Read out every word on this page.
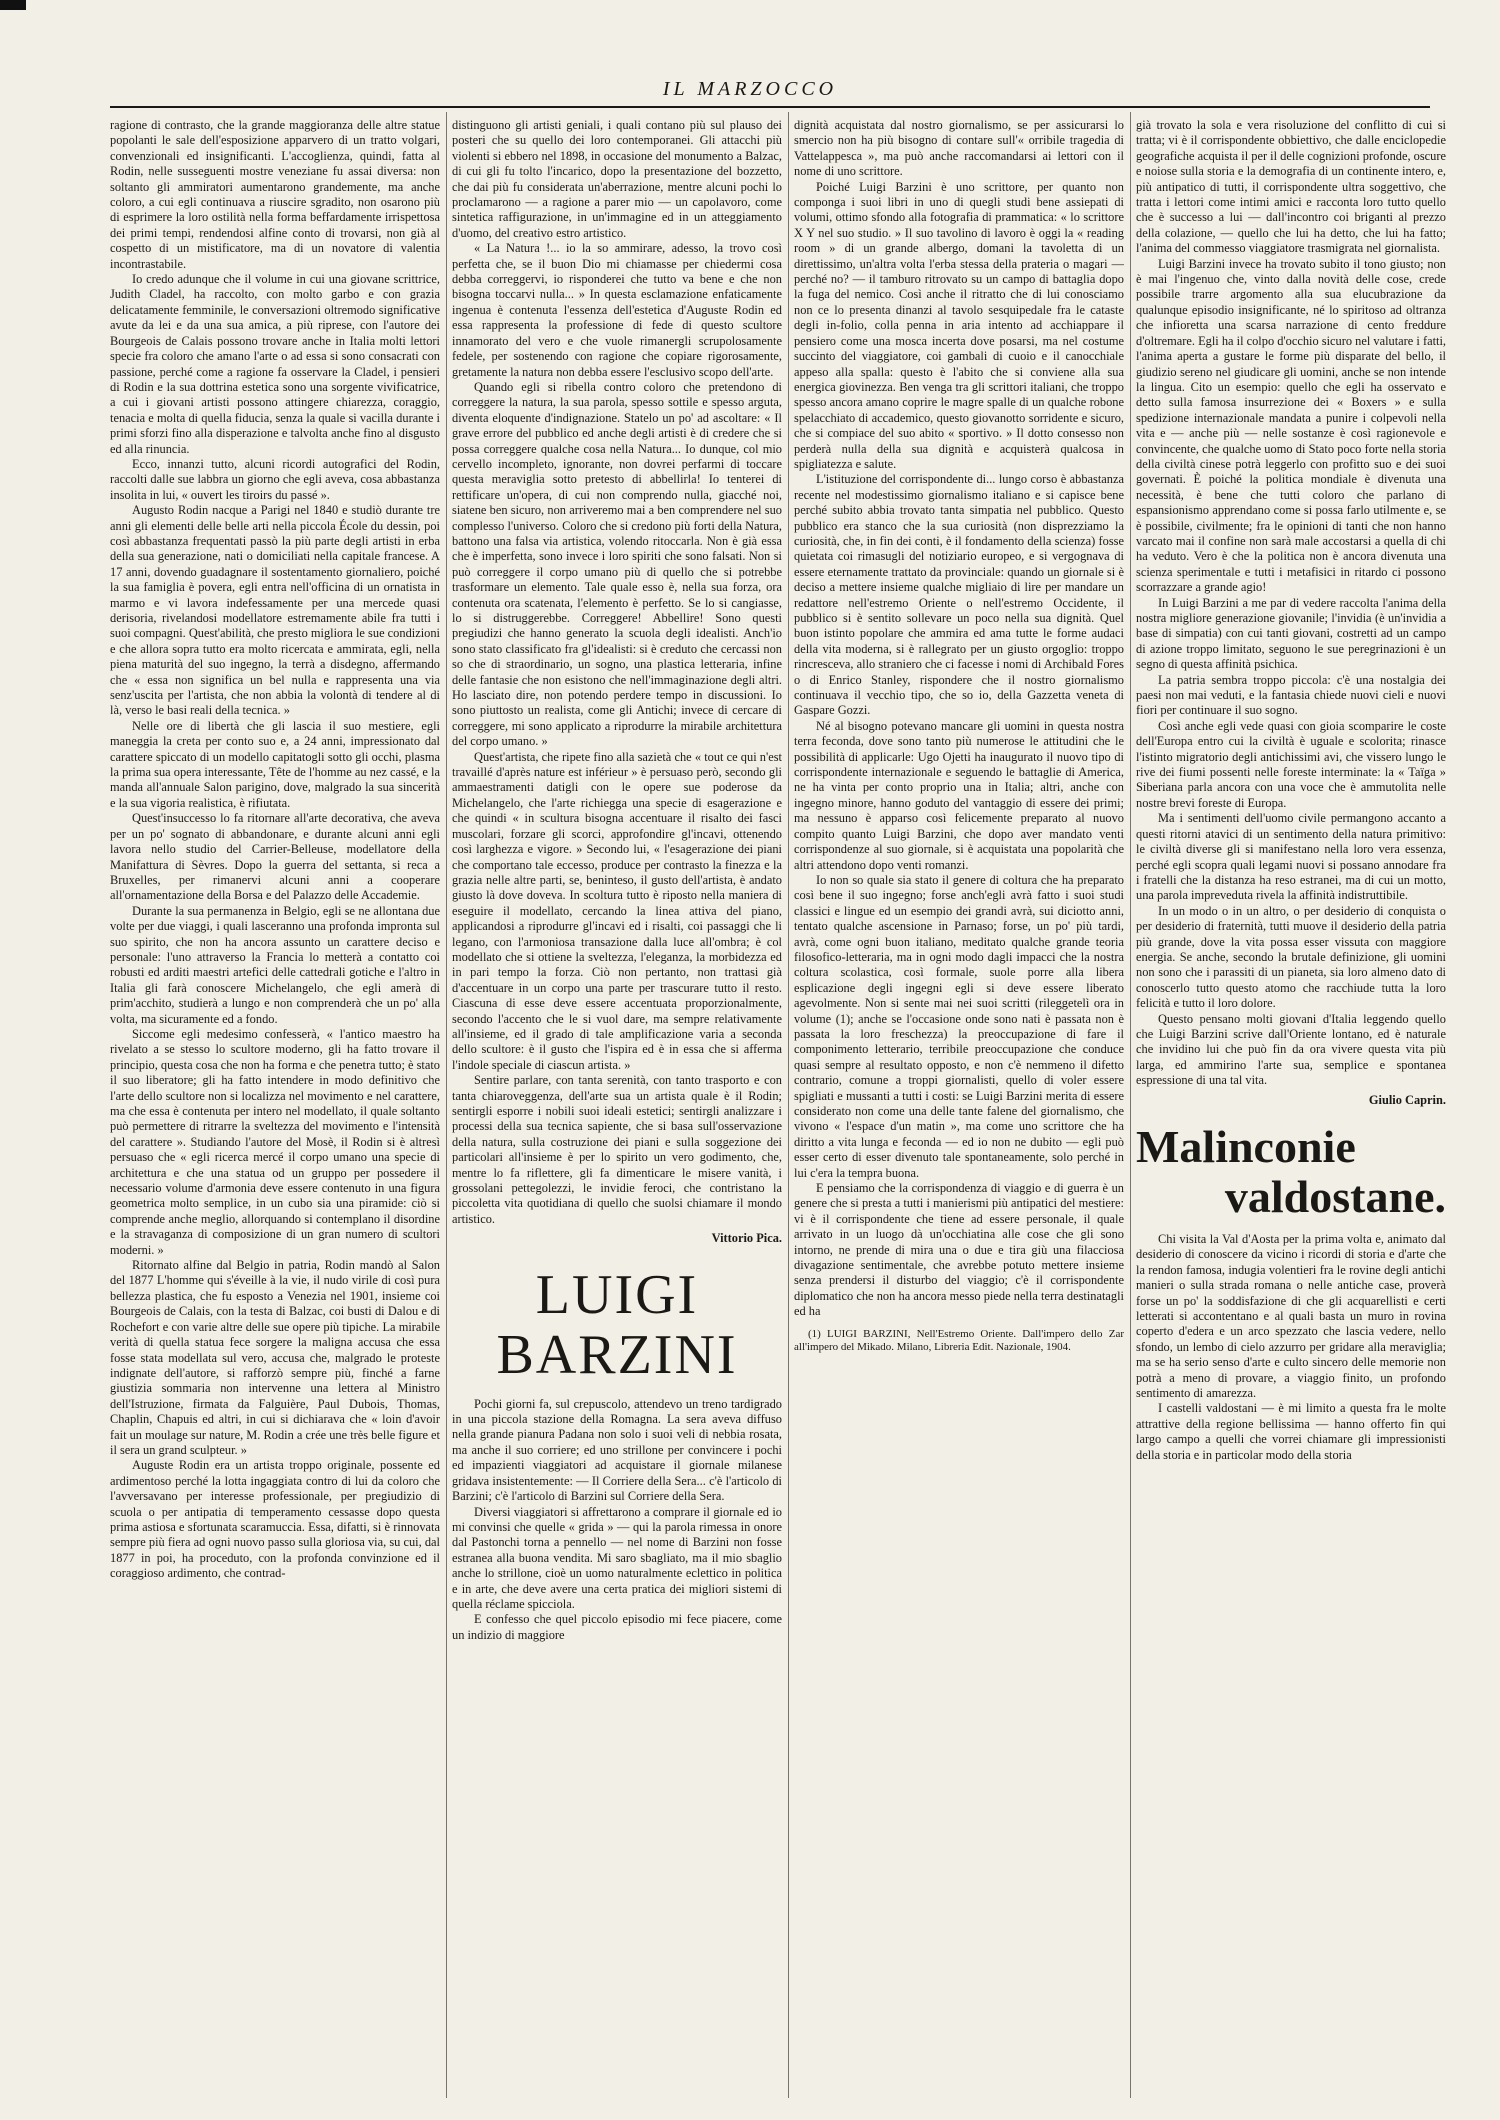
IL MARZOCCO

ragione di contrasto, che la grande maggioranza delle altre statue popolanti le sale dell'esposizione apparvero di un tratto volgari, convenzionali ed insignificanti. L'accoglienza, quindi, fatta al Rodin, nelle susseguenti mostre veneziane fu assai diversa: non soltanto gli ammiratori aumentarono grandemente, ma anche coloro, a cui egli continuava a riuscire sgradito, non osarono più di esprimere la loro ostilità nella forma beffardamente irrispettosa dei primi tempi, rendendosi alfine conto di trovarsi, non già al cospetto di un mistificatore, ma di un novatore di valentia incontrastabile.

Io credo adunque che il volume in cui una giovane scrittrice, Judith Cladel, ha raccolto, con molto garbo e con grazia delicatamente femminile, le conversazioni oltremodo significative avute da lei e da una sua amica, a più riprese, con l'autore dei Bourgeois de Calais possono trovare anche in Italia molti lettori specie fra coloro che amano l'arte o ad essa si sono consacrati con passione, perché come a ragione fa osservare la Cladel, i pensieri di Rodin e la sua dottrina estetica sono una sorgente vivificatrice, a cui i giovani artisti possono attingere chiarezza, coraggio, tenacia e molta di quella fiducia, senza la quale si vacilla durante i primi sforzi fino alla disperazione e talvolta anche fino al disgusto ed alla rinuncia.

Ecco, innanzi tutto, alcuni ricordi autografici del Rodin, raccolti dalle sue labbra un giorno che egli aveva, cosa abbastanza insolita in lui, « ouvert les tiroirs du passé ».

Augusto Rodin nacque a Parigi nel 1840 e studiò durante tre anni gli elementi delle belle arti nella piccola École du dessin, poi così abbastanza frequentati passò la più parte degli artisti in erba della sua generazione, nati o domiciliati nella capitale francese. A 17 anni, dovendo guadagnare il sostentamento giornaliero, poiché la sua famiglia è povera, egli entra nell'officina di un ornatista in marmo e vi lavora indefessamente per una mercede quasi derisoria, rivelandosi modellatore estremamente abile fra tutti i suoi compagni. Quest'abilità, che presto migliora le sue condizioni e che allora sopra tutto era molto ricercata e ammirata, egli, nella piena maturità del suo ingegno, la terrà a disdegno, affermando che « essa non significa un bel nulla e rappresenta una via senz'uscita per l'artista, che non abbia la volontà di tendere al di là, verso le basi reali della tecnica. »

Nelle ore di libertà che gli lascia il suo mestiere, egli maneggia la creta per conto suo e, a 24 anni, impressionato dal carattere spiccato di un modello capitatogli sotto gli occhi, plasma la prima sua opera interessante, Tête de l'homme au nez cassé, e la manda all'annuale Salon parigino, dove, malgrado la sua sincerità e la sua vigoria realistica, è rifiutata.

Quest'insuccesso lo fa ritornare all'arte decorativa, che aveva per un po' sognato di abbandonare, e durante alcuni anni egli lavora nello studio del Carrier-Belleuse, modellatore della Manifattura di Sèvres. Dopo la guerra del settanta, si reca a Bruxelles, per rimanervi alcuni anni a cooperare all'ornamentazione della Borsa e del Palazzo delle Accademie.

Durante la sua permanenza in Belgio, egli se ne allontana due volte per due viaggi, i quali lasceranno una profonda impronta sul suo spirito, che non ha ancora assunto un carattere deciso e personale: l'uno attraverso la Francia lo metterà a contatto coi robusti ed arditi maestri artefici delle cattedrali gotiche e l'altro in Italia gli farà conoscere Michelangelo, che egli amerà di prim'acchito, studierà a lungo e non comprenderà che un po' alla volta, ma sicuramente ed a fondo.

Siccome egli medesimo confesserà, « l'antico maestro ha rivelato a se stesso lo scultore moderno, gli ha fatto trovare il principio, questa cosa che non ha forma e che penetra tutto; è stato il suo liberatore; gli ha fatto intendere in modo definitivo che l'arte dello scultore non si localizza nel movimento e nel carattere, ma che essa è contenuta per intero nel modellato, il quale soltanto può permettere di ritrarre la sveltezza del movimento e l'intensità del carattere ». Studiando l'autore del Mosè, il Rodin si è altresì persuaso che « egli ricerca mercé il corpo umano una specie di architettura e che una statua od un gruppo per possedere il necessario volume d'armonia deve essere contenuto in una figura geometrica molto semplice, in un cubo sia una piramide: ciò si comprende anche meglio, allorquando si contemplano il disordine e la stravaganza di composizione di un gran numero di scultori moderni. »

Ritornato alfine dal Belgio in patria, Rodin mandò al Salon del 1877 L'homme qui s'éveille à la vie, il nudo virile di così pura bellezza plastica, che fu esposto a Venezia nel 1901, insieme coi Bourgeois de Calais, con la testa di Balzac, coi busti di Dalou e di Rochefort e con varie altre delle sue opere più tipiche. La mirabile verità di quella statua fece sorgere la maligna accusa che essa fosse stata modellata sul vero, accusa che, malgrado le proteste indignate dell'autore, si rafforzò sempre più, finché a farne giustizia sommaria non intervenne una lettera al Ministro dell'Istruzione, firmata da Falguière, Paul Dubois, Thomas, Chaplin, Chapuis ed altri, in cui si dichiarava che « loin d'avoir fait un moulage sur nature, M. Rodin a crée une très belle figure et il sera un grand sculpteur. »

Auguste Rodin era un artista troppo originale, possente ed ardimentoso perché la lotta ingaggiata contro di lui da coloro che l'avversavano per interesse professionale, per pregiudizio di scuola o per antipatia di temperamento cessasse dopo questa prima astiosa e sfortunata scaramuccia. Essa, difatti, si è rinnovata sempre più fiera ad ogni nuovo passo sulla gloriosa via, su cui, dal 1877 in poi, ha proceduto, con la profonda convinzione ed il coraggioso ardimento, che contrad-

distinguono gli artisti geniali, i quali contano più sul plauso dei posteri che su quello dei loro contemporanei. Gli attacchi più violenti si ebbero nel 1898, in occasione del monumento a Balzac, di cui gli fu tolto l'incarico, dopo la presentazione del bozzetto, che dai più fu considerata un'aberrazione, mentre alcuni pochi lo proclamarono — a ragione a parer mio — un capolavoro, come sintetica raffigurazione, in un'immagine ed in un atteggiamento d'uomo, del creativo estro artistico.

« La Natura !... io la so ammirare, adesso, la trovo così perfetta che, se il buon Dio mi chiamasse per chiedermi cosa debba correggervi, io risponderei che tutto va bene e che non bisogna toccarvi nulla... » In questa esclamazione enfaticamente ingenua è contenuta l'essenza dell'estetica d'Auguste Rodin ed essa rappresenta la professione di fede di questo scultore innamorato del vero e che vuole rimanergli scrupolosamente fedele, per sostenendo con ragione che copiare rigorosamente, gretamente la natura non debba essere l'esclusivo scopo dell'arte.

Quando egli si ribella contro coloro che pretendono di correggere la natura, la sua parola, spesso sottile e spesso arguta, diventa eloquente d'indignazione. Statelo un po' ad ascoltare: « Il grave errore del pubblico ed anche degli artisti è di credere che si possa correggere qualche cosa nella Natura... Io dunque, col mio cervello incompleto, ignorante, non dovrei perfarmi di toccare questa meraviglia sotto pretesto di abbellirla! Io tenterei di rettificare un'opera, di cui non comprendo nulla, giacché noi, siatene ben sicuro, non arriveremo mai a ben comprendere nel suo complesso l'universo. Coloro che si credono più forti della Natura, battono una falsa via artistica, volendo ritoccarla. Non è già essa che è imperfetta, sono invece i loro spiriti che sono falsati. Non si può correggere il corpo umano più di quello che si potrebbe trasformare un elemento. Tale quale esso è, nella sua forza, ora contenuta ora scatenata, l'elemento è perfetto. Se lo si cangiasse, lo si distruggerebbe. Correggere! Abbellire! Sono questi pregiudizi che hanno generato la scuola degli idealisti. Anch'io sono stato classificato fra gl'idealisti: si è creduto che cercassi non so che di straordinario, un sogno, una plastica letteraria, infine delle fantasie che non esistono che nell'immaginazione degli altri. Ho lasciato dire, non potendo perdere tempo in discussioni. Io sono piuttosto un realista, come gli Antichi; invece di cercare di correggere, mi sono applicato a riprodurre la mirabile architettura del corpo umano. »

Quest'artista, che ripete fino alla sazietà che « tout ce qui n'est travaillé d'après nature est inférieur » è persuaso però, secondo gli ammaestramenti datigli con le opere sue poderose da Michelangelo, che l'arte richiegga una specie di esagerazione e che quindi « in scultura bisogna accentuare il risalto dei fasci muscolari, forzare gli scorci, approfondire gl'incavi, ottenendo così larghezza e vigore. » Secondo lui, « l'esagerazione dei piani che comportano tale eccesso, produce per contrasto la finezza e la grazia nelle altre parti, se, beninteso, il gusto dell'artista, è andato giusto là dove doveva. In scoltura tutto è riposto nella maniera di eseguire il modellato, cercando la linea attiva del piano, applicandosi a riprodurre gl'incavi ed i risalti, coi passaggi che li legano, con l'armoniosa transazione dalla luce all'ombra; è col modellato che si ottiene la sveltezza, l'eleganza, la morbidezza ed in pari tempo la forza. Ciò non pertanto, non trattasi già d'accentuare in un corpo una parte per trascurare tutto il resto. Ciascuna di esse deve essere accentuata proporzionalmente, secondo l'accento che le si vuol dare, ma sempre relativamente all'insieme, ed il grado di tale amplificazione varia a seconda dello scultore: è il gusto che l'ispira ed è in essa che si afferma l'indole speciale di ciascun artista. »

Sentire parlare, con tanta serenità, con tanto trasporto e con tanta chiaroveggenza, dell'arte sua un artista quale è il Rodin; sentirgli esporre i nobili suoi ideali estetici; sentirgli analizzare i processi della sua tecnica sapiente, che si basa sull'osservazione della natura, sulla costruzione dei piani e sulla soggezione dei particolari all'insieme è per lo spirito un vero godimento, che, mentre lo fa riflettere, gli fa dimenticare le misere vanità, i grossolani pettegolezzi, le invidie feroci, che contristano la piccoletta vita quotidiana di quello che suolsi chiamare il mondo artistico.

Vittorio Pica.
LUIGI BARZINI

Pochi giorni fa, sul crepuscolo, attendevo un treno tardigrado in una piccola stazione della Romagna. La sera aveva diffuso nella grande pianura Padana non solo i suoi veli di nebbia rosata, ma anche il suo corriere; ed uno strillone per convincere i pochi ed impazienti viaggiatori ad acquistare il giornale milanese gridava insistentemente: — Il Corriere della Sera... c'è l'articolo di Barzini; c'è l'articolo di Barzini sul Corriere della Sera.

Diversi viaggiatori si affrettarono a comprare il giornale ed io mi convinsi che quelle « grida » — qui la parola rimessa in onore dal Pastonchi torna a pennello — nel nome di Barzini non fosse estranea alla buona vendita. Mi saro sbagliato, ma il mio sbaglio anche lo strillone, cioè un uomo naturalmente eclettico in politica e in arte, che deve avere una certa pratica dei migliori sistemi di quella réclame spicciola.

E confesso che quel piccolo episodio mi fece piacere, come un indizio di maggiore

dignità acquistata dal nostro giornalismo, se per assicurarsi lo smercio non ha più bisogno di contare sull'« orribile tragedia di Vattelappesca », ma può anche raccomandarsi ai lettori con il nome di uno scrittore.

Poiché Luigi Barzini è uno scrittore, per quanto non componga i suoi libri in uno di quegli studi bene assiepati di volumi, ottimo sfondo alla fotografia di prammatica: « lo scrittore X Y nel suo studio. » Il suo tavolino di lavoro è oggi la « reading room » di un grande albergo, domani la tavoletta di un direttissimo, un'altra volta l'erba stessa della prateria o magari — perché no? — il tamburo ritrovato su un campo di battaglia dopo la fuga del nemico. Così anche il ritratto che di lui conosciamo non ce lo presenta dinanzi al tavolo sesquipedale fra le cataste degli in-folio, colla penna in aria intento ad acchiappare il pensiero come una mosca incerta dove posarsi, ma nel costume succinto del viaggiatore, coi gambali di cuoio e il canocchiale appeso alla spalla: questo è l'abito che si conviene alla sua energica giovinezza. Ben venga tra gli scrittori italiani, che troppo spesso ancora amano coprire le magre spalle di un qualche robone spelacchiato di accademico, questo giovanotto sorridente e sicuro, che si compiace del suo abito « sportivo. » Il dotto consesso non perderà nulla della sua dignità e acquisterà qualcosa in spigliatezza e salute.

L'istituzione del corrispondente di... lungo corso è abbastanza recente nel modestissimo giornalismo italiano e si capisce bene perché subito abbia trovato tanta simpatia nel pubblico. Questo pubblico era stanco che la sua curiosità (non disprezziamo la curiosità, che, in fin dei conti, è il fondamento della scienza) fosse quietata coi rimasugli del notiziario europeo, e si vergognava di essere eternamente trattato da provinciale: quando un giornale si è deciso a mettere insieme qualche migliaio di lire per mandare un redattore nell'estremo Oriente o nell'estremo Occidente, il pubblico si è sentito sollevare un poco nella sua dignità. Quel buon istinto popolare che ammira ed ama tutte le forme audaci della vita moderna, si è rallegrato per un giusto orgoglio: troppo rincresceva, allo straniero che ci facesse i nomi di Archibald Fores o di Enrico Stanley, rispondere che il nostro giornalismo continuava il vecchio tipo, che so io, della Gazzetta veneta di Gaspare Gozzi.

Né al bisogno potevano mancare gli uomini in questa nostra terra feconda, dove sono tanto più numerose le attitudini che le possibilità di applicarle: Ugo Ojetti ha inaugurato il nuovo tipo di corrispondente internazionale e seguendo le battaglie di America, ne ha vinta per conto proprio una in Italia; altri, anche con ingegno minore, hanno goduto del vantaggio di essere dei primi; ma nessuno è apparso così felicemente preparato al nuovo compito quanto Luigi Barzini, che dopo aver mandato venti corrispondenze al suo giornale, si è acquistata una popolarità che altri attendono dopo venti romanzi.

Io non so quale sia stato il genere di coltura che ha preparato così bene il suo ingegno; forse anch'egli avrà fatto i suoi studi classici e lingue ed un esempio dei grandi avrà, sui diciotto anni, tentato qualche ascensione in Parnaso; forse, un po' più tardi, avrà, come ogni buon italiano, meditato qualche grande teoria filosofico-letteraria, ma in ogni modo dagli impacci che la nostra coltura scolastica, così formale, suole porre alla libera esplicazione degli ingegni egli si deve essere liberato agevolmente. Non si sente mai nei suoi scritti (rileggetelì ora in volume (1); anche se l'occasione onde sono nati è passata non è passata la loro freschezza) la preoccupazione di fare il componimento letterario, terribile preoccupazione che conduce quasi sempre al resultato opposto, e non c'è nemmeno il difetto contrario, comune a troppi giornalisti, quello di voler essere spigliati e mussanti a tutti i costi: se Luigi Barzini merita di essere considerato non come una delle tante falene del giornalismo, che vivono « l'espace d'un matin », ma come uno scrittore che ha diritto a vita lunga e feconda — ed io non ne dubito — egli può esser certo di esser divenuto tale spontaneamente, solo perché in lui c'era la tempra buona.

E pensiamo che la corrispondenza di viaggio e di guerra è un genere che si presta a tutti i manierismi più antipatici del mestiere: vi è il corrispondente che tiene ad essere personale, il quale arrivato in un luogo dà un'occhiatina alle cose che gli sono intorno, ne prende di mira una o due e tira giù una filacciosa divagazione sentimentale, che avrebbe potuto mettere insieme senza prendersi il disturbo del viaggio; c'è il corrispondente diplomatico che non ha ancora messo piede nella terra destinatagli ed ha

(1) LUIGI BARZINI, Nell'Estremo Oriente. Dall'impero dello Zar all'impero del Mikado. Milano, Libreria Edit. Nazionale, 1904.

già trovato la sola e vera risoluzione del conflitto di cui si tratta; vi è il corrispondente obbiettivo, che dalle enciclopedie geografiche acquista il per il delle cognizioni profonde, oscure e noiose sulla storia e la demografia di un continente intero, e, più antipatico di tutti, il corrispondente ultra soggettivo, che tratta i lettori come intimi amici e racconta loro tutto quello che è successo a lui — dall'incontro coi briganti al prezzo della colazione, — quello che lui ha detto, che lui ha fatto; l'anima del commesso viaggiatore trasmigrata nel giornalista.

Luigi Barzini invece ha trovato subito il tono giusto; non è mai l'ingenuo che, vinto dalla novità delle cose, crede possibile trarre argomento alla sua elucubrazione da qualunque episodio insignificante, né lo spiritoso ad oltranza che infioretta una scarsa narrazione di cento freddure d'oltremare. Egli ha il colpo d'occhio sicuro nel valutare i fatti, l'anima aperta a gustare le forme più disparate del bello, il giudizio sereno nel giudicare gli uomini, anche se non intende la lingua. Cito un esempio: quello che egli ha osservato e detto sulla famosa insurrezione dei « Boxers » e sulla spedizione internazionale mandata a punire i colpevoli nella vita e — anche più — nelle sostanze è così ragionevole e convincente, che qualche uomo di Stato poco forte nella storia della civiltà cinese potrà leggerlo con profitto suo e dei suoi governati. È poiché la politica mondiale è divenuta una necessità, è bene che tutti coloro che parlano di espansionismo apprendano come si possa farlo utilmente e, se è possibile, civilmente; fra le opinioni di tanti che non hanno varcato mai il confine non sarà male accostarsi a quella di chi ha veduto. Vero è che la politica non è ancora divenuta una scienza sperimentale e tutti i metafisici in ritardo ci possono scorrazzare a grande agio!

In Luigi Barzini a me par di vedere raccolta l'anima della nostra migliore generazione giovanile; l'invidia (è un'invidia a base di simpatia) con cui tanti giovani, costretti ad un campo di azione troppo limitato, seguono le sue peregrinazioni è un segno di questa affinità psichica.

La patria sembra troppo piccola: c'è una nostalgia dei paesi non mai veduti, e la fantasia chiede nuovi cieli e nuovi fiori per continuare il suo sogno.

Così anche egli vede quasi con gioia scomparire le coste dell'Europa entro cui la civiltà è uguale e scolorita; rinasce l'istinto migratorio degli antichissimi avi, che vissero lungo le rive dei fiumi possenti nelle foreste interminate: la « Taïga » Siberiana parla ancora con una voce che è ammutolita nelle nostre brevi foreste di Europa.

Ma i sentimenti dell'uomo civile permangono accanto a questi ritorni atavici di un sentimento della natura primitivo: le civiltà diverse gli si manifestano nella loro vera essenza, perché egli scopra quali legami nuovi si possano annodare fra i fratelli che la distanza ha reso estranei, ma di cui un motto, una parola impreveduta rivela la affinità indistruttibile.

In un modo o in un altro, o per desiderio di conquista o per desiderio di fraternità, tutti muove il desiderio della patria più grande, dove la vita possa esser vissuta con maggiore energia. Se anche, secondo la brutale definizione, gli uomini non sono che i parassiti di un pianeta, sia loro almeno dato di conoscerlo tutto questo atomo che racchiude tutta la loro felicità e tutto il loro dolore.

Questo pensano molti giovani d'Italia leggendo quello che Luigi Barzini scrive dall'Oriente lontano, ed è naturale che invidino lui che può fin da ora vivere questa vita più larga, ed ammirino l'arte sua, semplice e spontanea espressione di una tal vita.

Giulio Caprin.
Malinconie
valdostane.

Chi visita la Val d'Aosta per la prima volta e, animato dal desiderio di conoscere da vicino i ricordi di storia e d'arte che la rendon famosa, indugia volentieri fra le rovine degli antichi manieri o sulla strada romana o nelle antiche case, proverà forse un po' la soddisfazione di che gli acquarellisti e certi letterati si accontentano e al quali basta un muro in rovina coperto d'edera e un arco spezzato che lascia vedere, nello sfondo, un lembo di cielo azzurro per gridare alla meraviglia; ma se ha serio senso d'arte e culto sincero delle memorie non potrà a meno di provare, a viaggio finito, un profondo sentimento di amarezza.

I castelli valdostani — è mi limito a questa fra le molte attrattive della regione bellissima — hanno offerto fin qui largo campo a quelli che vorrei chiamare gli impressionisti della storia e in particolar modo della storia
